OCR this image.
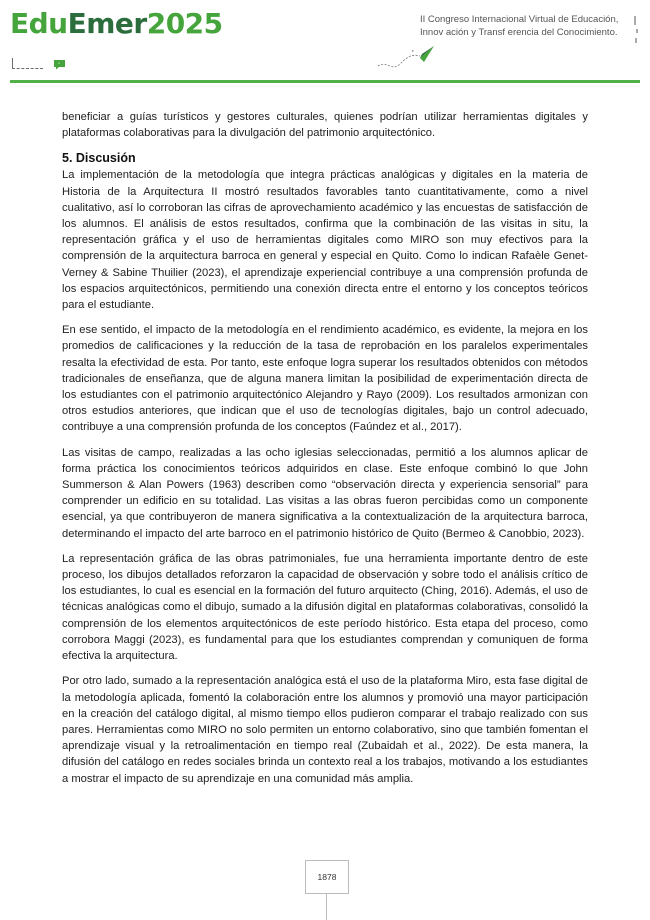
EduEmer2025	II Congreso Internacional Virtual de Educación,
Innov ación y Transf erencia del Conocimiento.

beneficiar a guías turísticos y gestores culturales, quienes podrían utilizar herramientas digitales y plataformas colaborativas para la divulgación del patrimonio arquitectónico.

5. Discusión

La implementación de la metodología que integra prácticas analógicas y digitales en la materia de Historia de la Arquitectura II mostró resultados favorables tanto cuantitativamente, como a nivel cualitativo, así lo corroboran las cifras de aprovechamiento académico y las encuestas de satisfacción de los alumnos. El análisis de estos resultados, confirma que la combinación de las visitas in situ, la representación gráfica y el uso de herramientas digitales como MIRO son muy efectivos para la comprensión de la arquitectura barroca en general y especial en Quito. Como lo indican Rafaèle Genet-Verney & Sabine Thuilier (2023), el aprendizaje experiencial contribuye a una comprensión profunda de los espacios arquitectónicos, permitiendo una conexión directa entre el entorno y los conceptos teóricos para el estudiante.

En ese sentido, el impacto de la metodología en el rendimiento académico, es evidente, la mejora en los promedios de calificaciones y la reducción de la tasa de reprobación en los paralelos experimentales resalta la efectividad de esta. Por tanto, este enfoque logra superar los resultados obtenidos con métodos tradicionales de enseñanza, que de alguna manera limitan la posibilidad de experimentación directa de los estudiantes con el patrimonio arquitectónico Alejandro y Rayo (2009). Los resultados armonizan con otros estudios anteriores, que indican que el uso de tecnologías digitales, bajo un control adecuado, contribuye a una comprensión profunda de los conceptos (Faúndez et al., 2017).

Las visitas de campo, realizadas a las ocho iglesias seleccionadas, permitió a los alumnos aplicar de forma práctica los conocimientos teóricos adquiridos en clase. Este enfoque combinó lo que John Summerson & Alan Powers (1963) describen como “observación directa y experiencia sensorial” para comprender un edificio en su totalidad. Las visitas a las obras fueron percibidas como un componente esencial, ya que contribuyeron de manera significativa a la contextualización de la arquitectura barroca, determinando el impacto del arte barroco en el patrimonio histórico de Quito (Bermeo & Canobbio, 2023).

La representación gráfica de las obras patrimoniales, fue una herramienta importante dentro de este proceso, los dibujos detallados reforzaron la capacidad de observación y sobre todo el análisis crítico de los estudiantes, lo cual es esencial en la formación del futuro arquitecto (Ching, 2016). Además, el uso de técnicas analógicas como el dibujo, sumado a la difusión digital en plataformas colaborativas, consolidó la comprensión de los elementos arquitectónicos de este período histórico. Esta etapa del proceso, como corrobora Maggi (2023), es fundamental para que los estudiantes comprendan y comuniquen de forma efectiva la arquitectura.

Por otro lado, sumado a la representación analógica está el uso de la plataforma Miro, esta fase digital de la metodología aplicada, fomentó la colaboración entre los alumnos y promovió una mayor participación en la creación del catálogo digital, al mismo tiempo ellos pudieron comparar el trabajo realizado con sus pares. Herramientas como MIRO no solo permiten un entorno colaborativo, sino que también fomentan el aprendizaje visual y la retroalimentación en tiempo real (Zubaidah et al., 2022). De esta manera, la difusión del catálogo en redes sociales brinda un contexto real a los trabajos, motivando a los estudiantes a mostrar el impacto de su aprendizaje en una comunidad más amplia.

1878
